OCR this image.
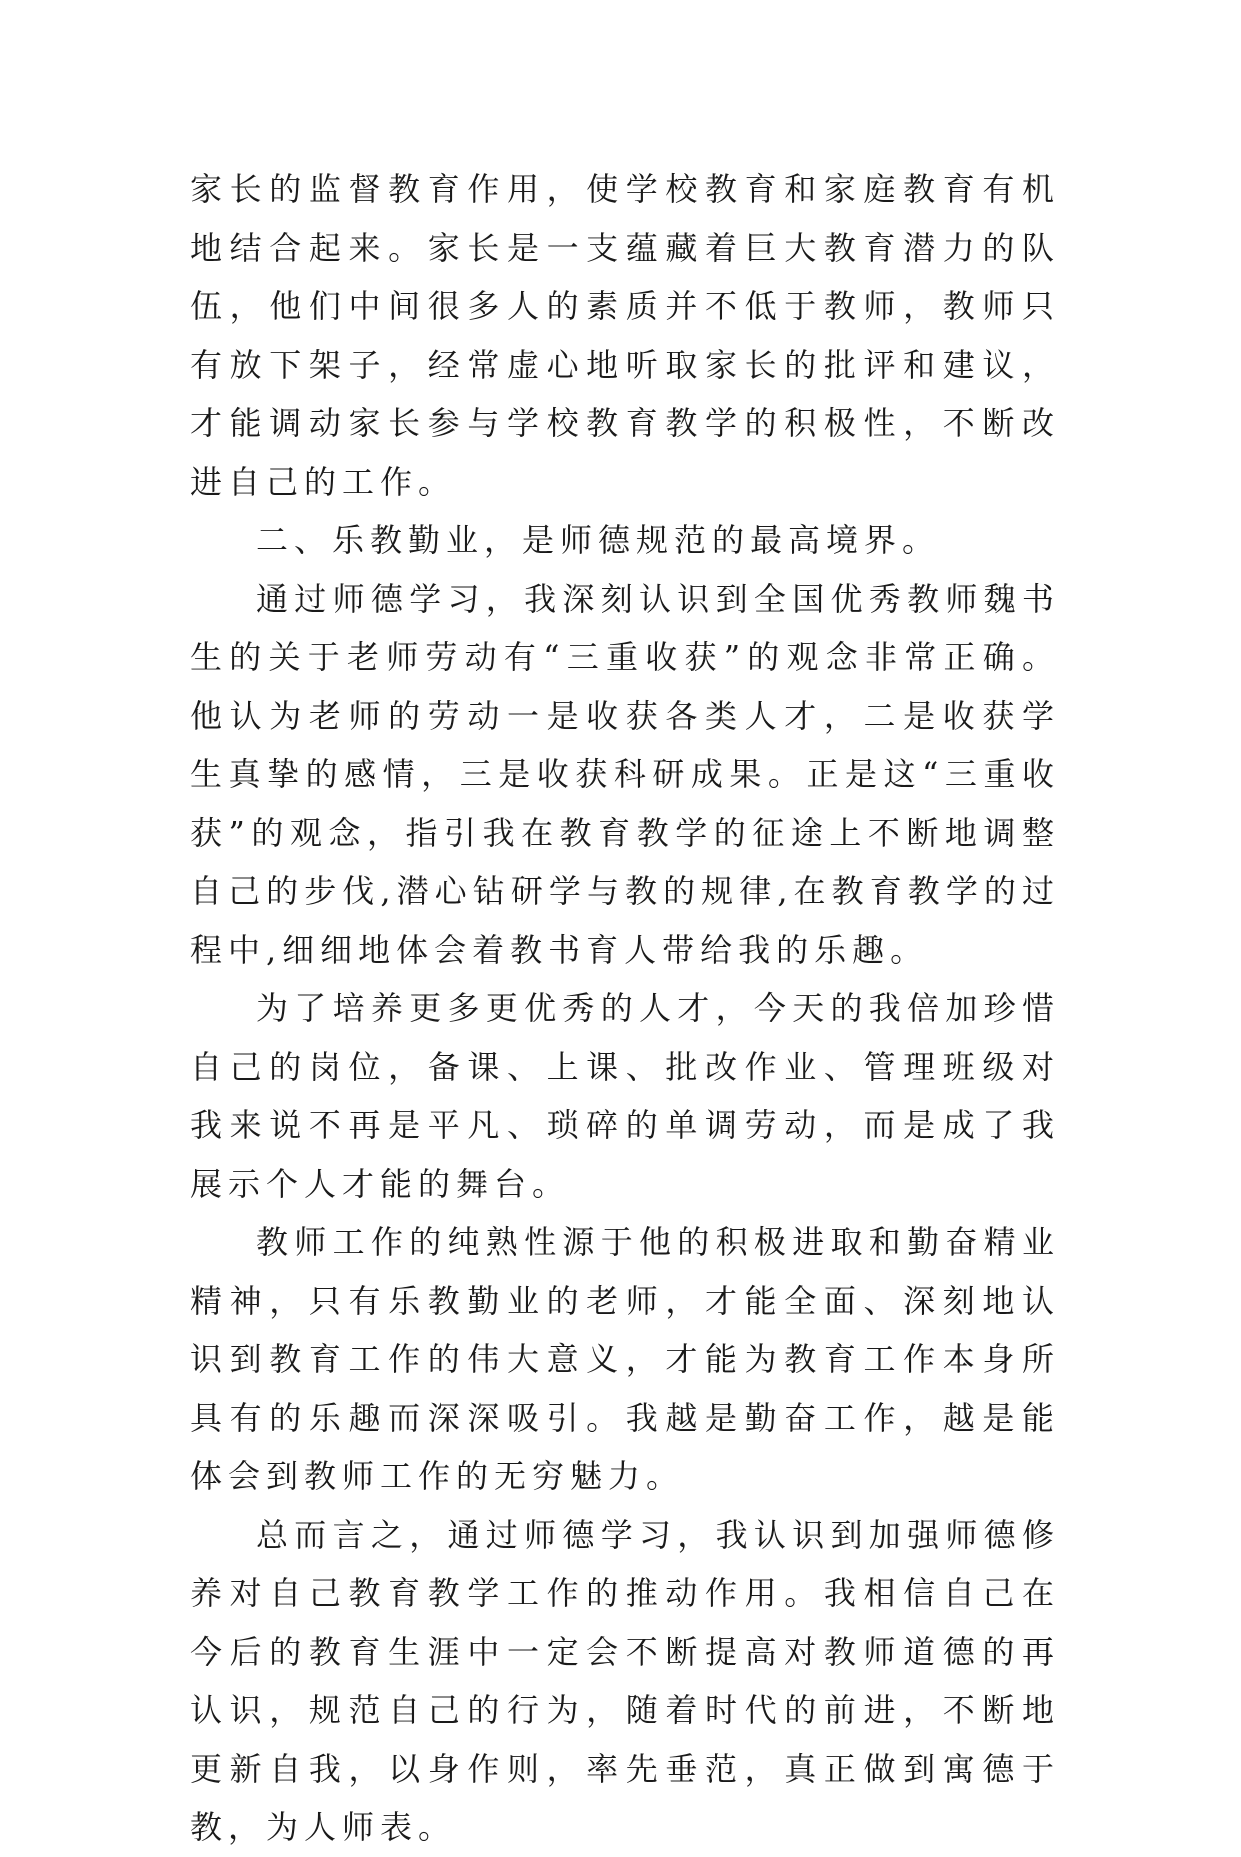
家长的监督教育作用，使学校教育和家庭教育有机地结合起来。家长是一支蕴藏着巨大教育潜力的队伍，他们中间很多人的素质并不低于教师，教师只有放下架子，经常虚心地听取家长的批评和建议，才能调动家长参与学校教育教学的积极性，不断改进自己的工作。

二、乐教勤业，是师德规范的最高境界。

通过师德学习，我深刻认识到全国优秀教师魏书生的关于老师劳动有“三重收获”的观念非常正确。他认为老师的劳动一是收获各类人才，二是收获学生真挚的感情，三是收获科研成果。正是这“三重收获”的观念，指引我在教育教学的征途上不断地调整自己的步伐,潜心钻研学与教的规律,在教育教学的过程中,细细地体会着教书育人带给我的乐趣。

为了培养更多更优秀的人才，今天的我倍加珍惜自己的岗位，备课、上课、批改作业、管理班级对我来说不再是平凡、琐碎的单调劳动，而是成了我展示个人才能的舞台。

教师工作的纯熟性源于他的积极进取和勤奋精业精神，只有乐教勤业的老师，才能全面、深刻地认识到教育工作的伟大意义，才能为教育工作本身所具有的乐趣而深深吸引。我越是勤奋工作，越是能体会到教师工作的无穷魅力。

总而言之，通过师德学习，我认识到加强师德修养对自己教育教学工作的推动作用。我相信自己在今后的教育生涯中一定会不断提高对教师道德的再认识，规范自己的行为，随着时代的前进，不断地更新自我，以身作则，率先垂范，真正做到寓德于教，为人师表。
